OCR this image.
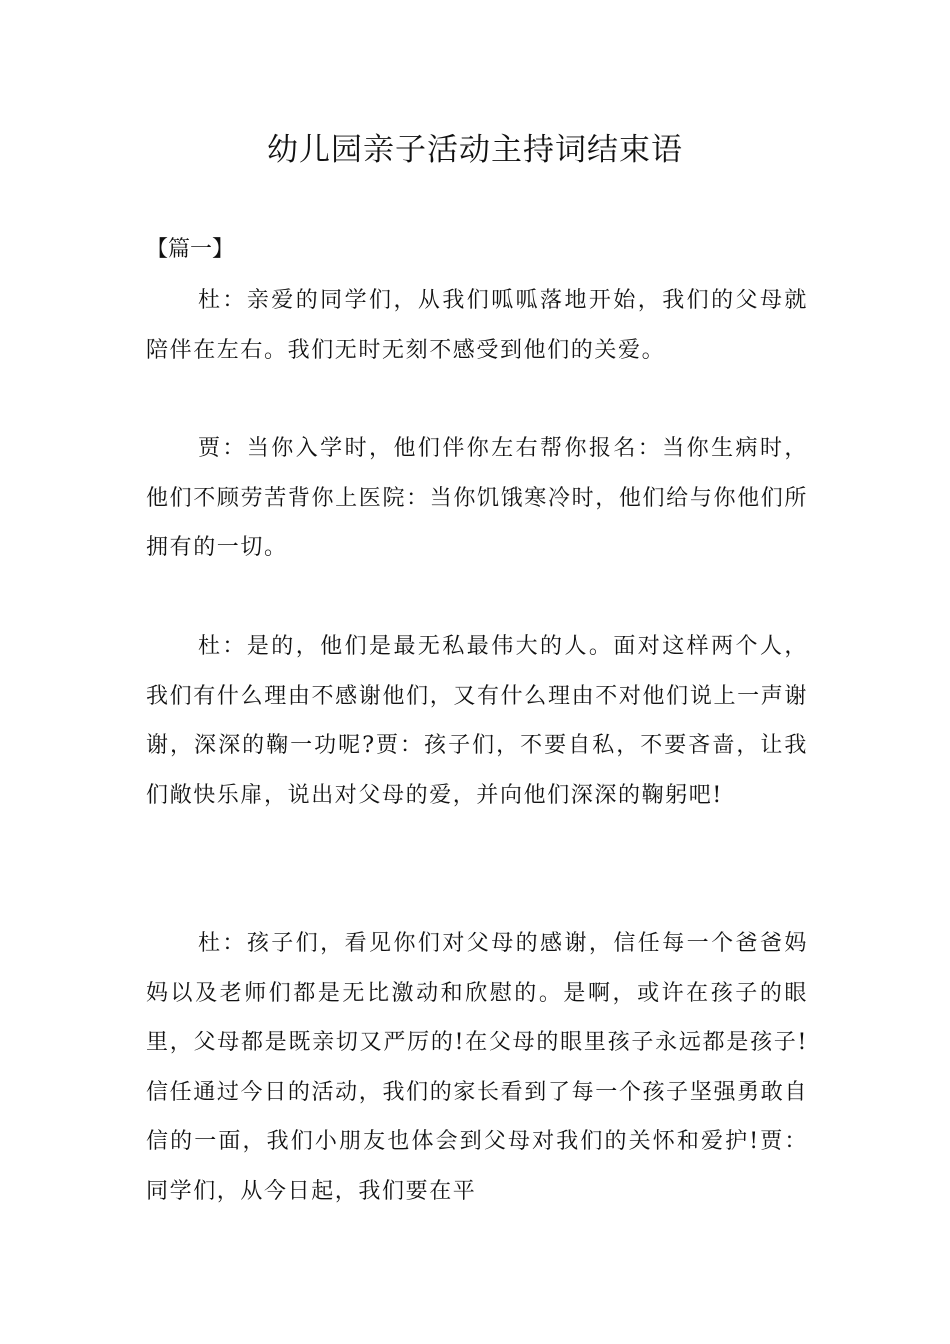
幼儿园亲子活动主持词结束语

【篇一】

杜：亲爱的同学们，从我们呱呱落地开始，我们的父母就陪伴在左右。我们无时无刻不感受到他们的关爱。

贾：当你入学时，他们伴你左右帮你报名：当你生病时，他们不顾劳苦背你上医院：当你饥饿寒冷时，他们给与你他们所拥有的一切。

杜：是的，他们是最无私最伟大的人。面对这样两个人，我们有什么理由不感谢他们，又有什么理由不对他们说上一声谢谢，深深的鞠一功呢?贾：孩子们，不要自私，不要吝啬，让我们敞快乐扉，说出对父母的爱，并向他们深深的鞠躬吧!

杜：孩子们，看见你们对父母的感谢，信任每一个爸爸妈妈以及老师们都是无比激动和欣慰的。是啊，或许在孩子的眼里，父母都是既亲切又严厉的!在父母的眼里孩子永远都是孩子!信任通过今日的活动，我们的家长看到了每一个孩子坚强勇敢自信的一面，我们小朋友也体会到父母对我们的关怀和爱护!贾：同学们，从今日起，我们要在平
